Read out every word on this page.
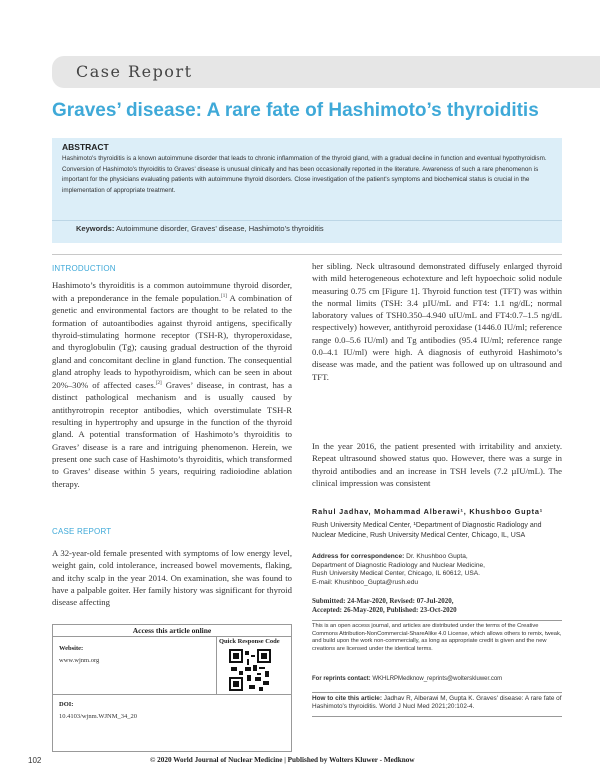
Case Report
Graves’ disease: A rare fate of Hashimoto’s thyroiditis
ABSTRACT

Hashimoto's thyroiditis is a known autoimmune disorder that leads to chronic inflammation of the thyroid gland, with a gradual decline in function and eventual hypothyroidism. Conversion of Hashimoto's thyroiditis to Graves' disease is unusual clinically and has been occasionally reported in the literature. Awareness of such a rare phenomenon is important for the physicians evaluating patients with autoimmune thyroid disorders. Close investigation of the patient's symptoms and biochemical status is crucial in the implementation of appropriate treatment.

Keywords: Autoimmune disorder, Graves’ disease, Hashimoto’s thyroiditis
INTRODUCTION

Hashimoto’s thyroiditis is a common autoimmune thyroid disorder, with a preponderance in the female population.[1] A combination of genetic and environmental factors are thought to be related to the formation of autoantibodies against thyroid antigens, specifically thyroid-stimulating hormone receptor (TSH-R), thyroperoxidase, and thyroglobulin (Tg); causing gradual destruction of the thyroid gland and concomitant decline in gland function. The consequential gland atrophy leads to hypothyroidism, which can be seen in about 20%–30% of affected cases.[2] Graves’ disease, in contrast, has a distinct pathological mechanism and is usually caused by antithyrotropin receptor antibodies, which overstimulate TSH-R resulting in hypertrophy and upsurge in the function of the thyroid gland. A potential transformation of Hashimoto’s thyroiditis to Graves’ disease is a rare and intriguing phenomenon. Herein, we present one such case of Hashimoto’s thyroiditis, which transformed to Graves’ disease within 5 years, requiring radioiodine ablation therapy.

CASE REPORT

A 32-year-old female presented with symptoms of low energy level, weight gain, cold intolerance, increased bowel movements, flaking, and itchy scalp in the year 2014. On examination, she was found to have a palpable goiter. Her family history was significant for thyroid disease affecting

Access this article online
Quick Response Code
Website:
www.wjnm.org
DOI:
10.4103/wjnm.WJNM_34_20

her sibling. Neck ultrasound demonstrated diffusely enlarged thyroid with mild heterogeneous echotexture and left hypoechoic solid nodule measuring 0.75 cm [Figure 1]. Thyroid function test (TFT) was within the normal limits (TSH: 3.4 µIU/mL and FT4: 1.1 ng/dL; normal laboratory values of TSH0.350–4.940 uIU/mL and FT4:0.7–1.5 ng/dL respectively) however, antithyroid peroxidase (1446.0 IU/ml; reference range 0.0–5.6 IU/ml) and Tg antibodies (95.4 IU/ml; reference range 0.0–4.1 IU/ml) were high. A diagnosis of euthyroid Hashimoto’s disease was made, and the patient was followed up on ultrasound and TFT.

In the year 2016, the patient presented with irritability and anxiety. Repeat ultrasound showed status quo. However, there was a surge in thyroid antibodies and an increase in TSH levels (7.2 µIU/mL). The clinical impression was consistent

Rahul Jadhav, Mohammad Alberawi¹, Khushboo Gupta¹

Rush University Medical Center, ¹Department of Diagnostic Radiology and Nuclear Medicine, Rush University Medical Center, Chicago, IL, USA

Address for correspondence: Dr. Khushboo Gupta,

Department of Diagnostic Radiology and Nuclear Medicine,

Rush University Medical Center, Chicago, IL 60612, USA.

E-mail: Khushboo_Gupta@rush.edu

Submitted: 24-Mar-2020, Revised: 07-Jul-2020,

Accepted: 26-May-2020, Published: 23-Oct-2020

This is an open access journal, and articles are distributed under the terms of the Creative Commons Attribution-NonCommercial-ShareAlike 4.0 License, which allows others to remix, tweak, and build upon the work non-commercially, as long as appropriate credit is given and the new creations are licensed under the identical terms.

For reprints contact: WKHLRPMedknow_reprints@wolterskluwer.com

How to cite this article: Jadhav R, Alberawi M, Gupta K. Graves' disease: A rare fate of Hashimoto's thyroiditis. World J Nucl Med 2021;20:102-4.

102	© 2020 World Journal of Nuclear Medicine | Published by Wolters Kluwer - Medknow
